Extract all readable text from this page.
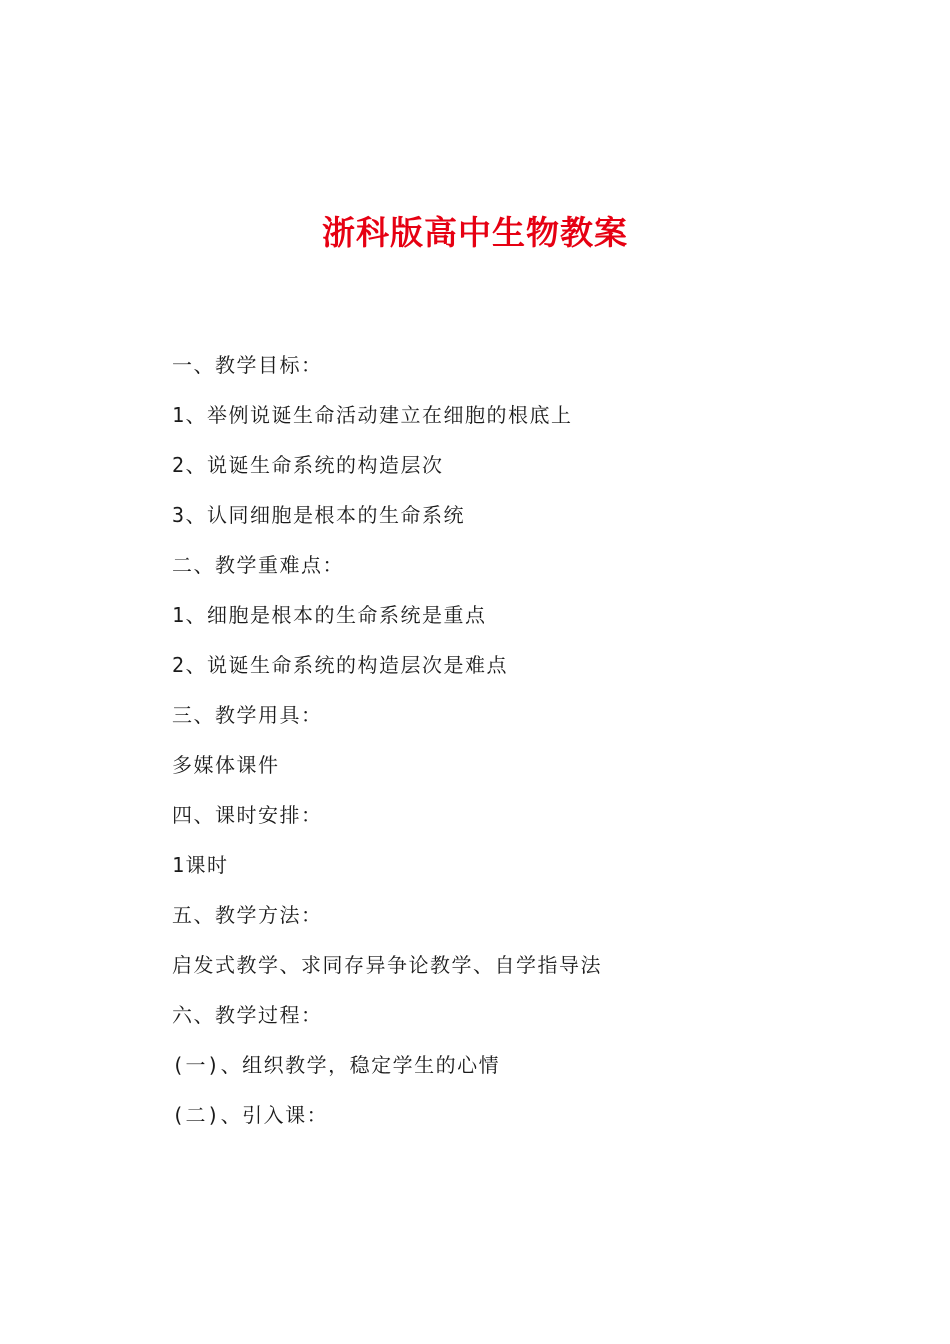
浙科版高中生物教案
一、教学目标：
1、举例说诞生命活动建立在细胞的根底上
2、说诞生命系统的构造层次
3、认同细胞是根本的生命系统
二、教学重难点：
1、细胞是根本的生命系统是重点
2、说诞生命系统的构造层次是难点
三、教学用具：
多媒体课件
四、课时安排：
1课时
五、教学方法：
启发式教学、求同存异争论教学、自学指导法
六、教学过程：
(一)、组织教学，稳定学生的心情
(二)、引入课：
